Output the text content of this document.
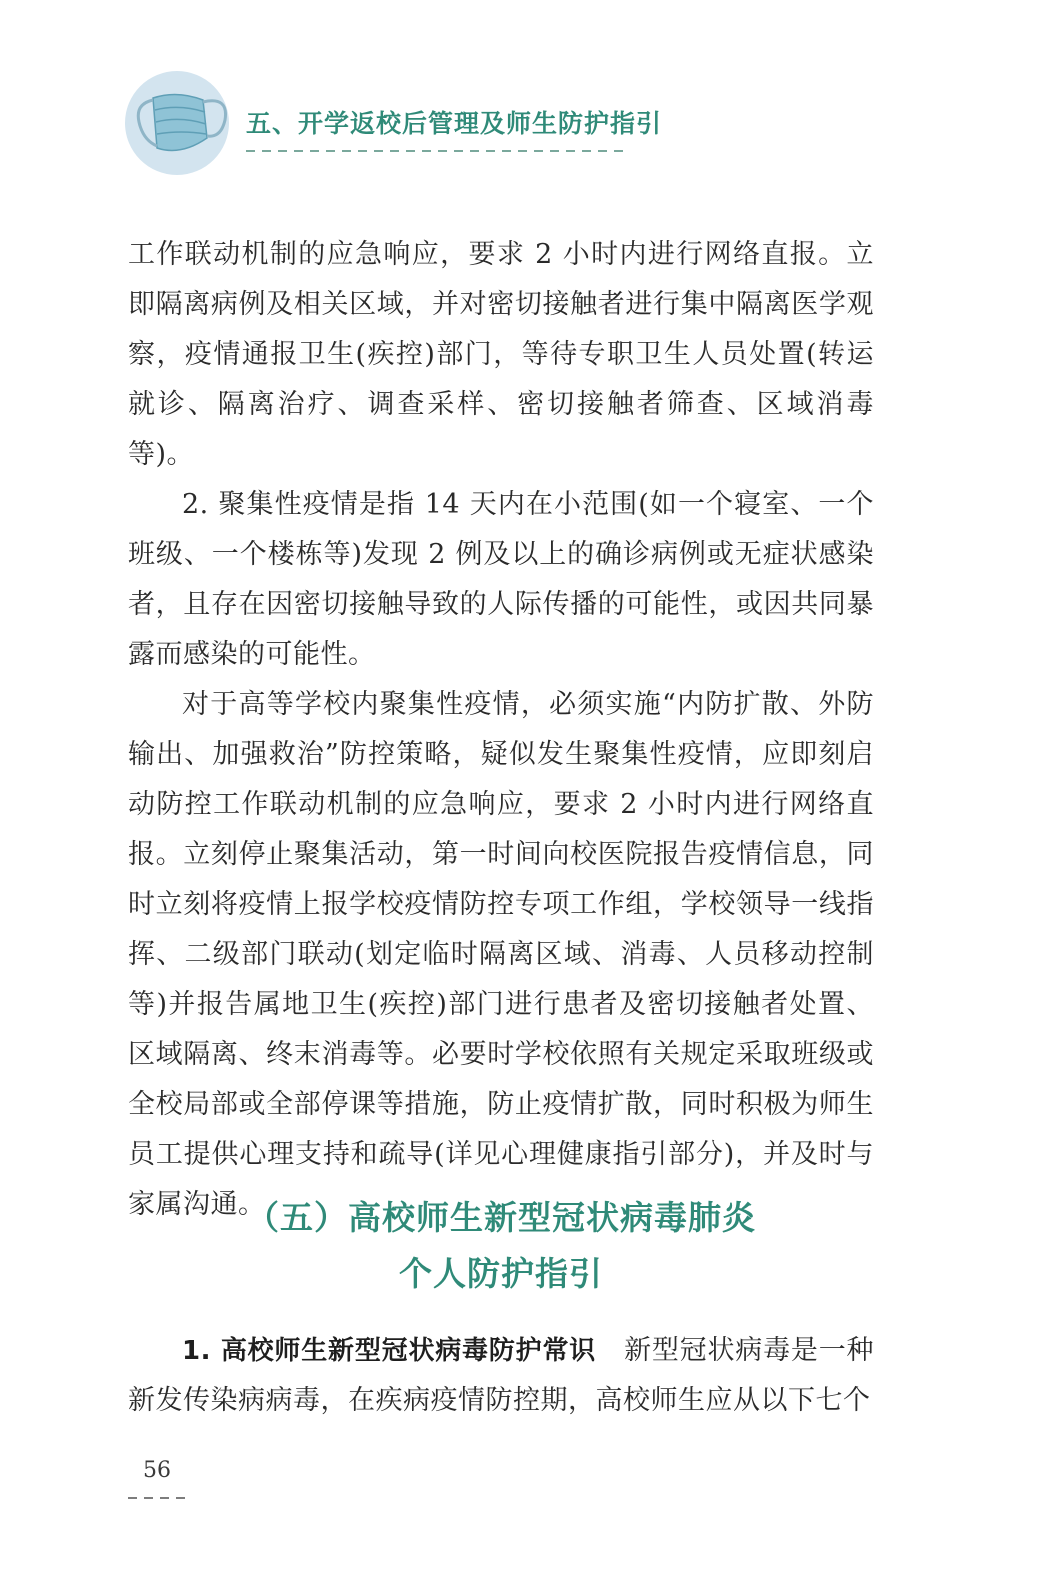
五、开学返校后管理及师生防护指引

工作联动机制的应急响应，要求 2 小时内进行网络直报。立即隔离病例及相关区域，并对密切接触者进行集中隔离医学观察，疫情通报卫生(疾控)部门，等待专职卫生人员处置(转运就诊、隔离治疗、调查采样、密切接触者筛查、区域消毒等)。

2. 聚集性疫情是指 14 天内在小范围(如一个寝室、一个班级、一个楼栋等)发现 2 例及以上的确诊病例或无症状感染者，且存在因密切接触导致的人际传播的可能性，或因共同暴露而感染的可能性。

对于高等学校内聚集性疫情，必须实施“内防扩散、外防输出、加强救治”防控策略，疑似发生聚集性疫情，应即刻启动防控工作联动机制的应急响应，要求 2 小时内进行网络直报。立刻停止聚集活动，第一时间向校医院报告疫情信息，同时立刻将疫情上报学校疫情防控专项工作组，学校领导一线指挥、二级部门联动(划定临时隔离区域、消毒、人员移动控制等)并报告属地卫生(疾控)部门进行患者及密切接触者处置、区域隔离、终末消毒等。必要时学校依照有关规定采取班级或全校局部或全部停课等措施，防止疫情扩散，同时积极为师生员工提供心理支持和疏导(详见心理健康指引部分)，并及时与家属沟通。

（五）高校师生新型冠状病毒肺炎
个人防护指引

1. 高校师生新型冠状病毒防护常识 新型冠状病毒是一种新发传染病病毒，在疾病疫情防控期，高校师生应从以下七个

56
